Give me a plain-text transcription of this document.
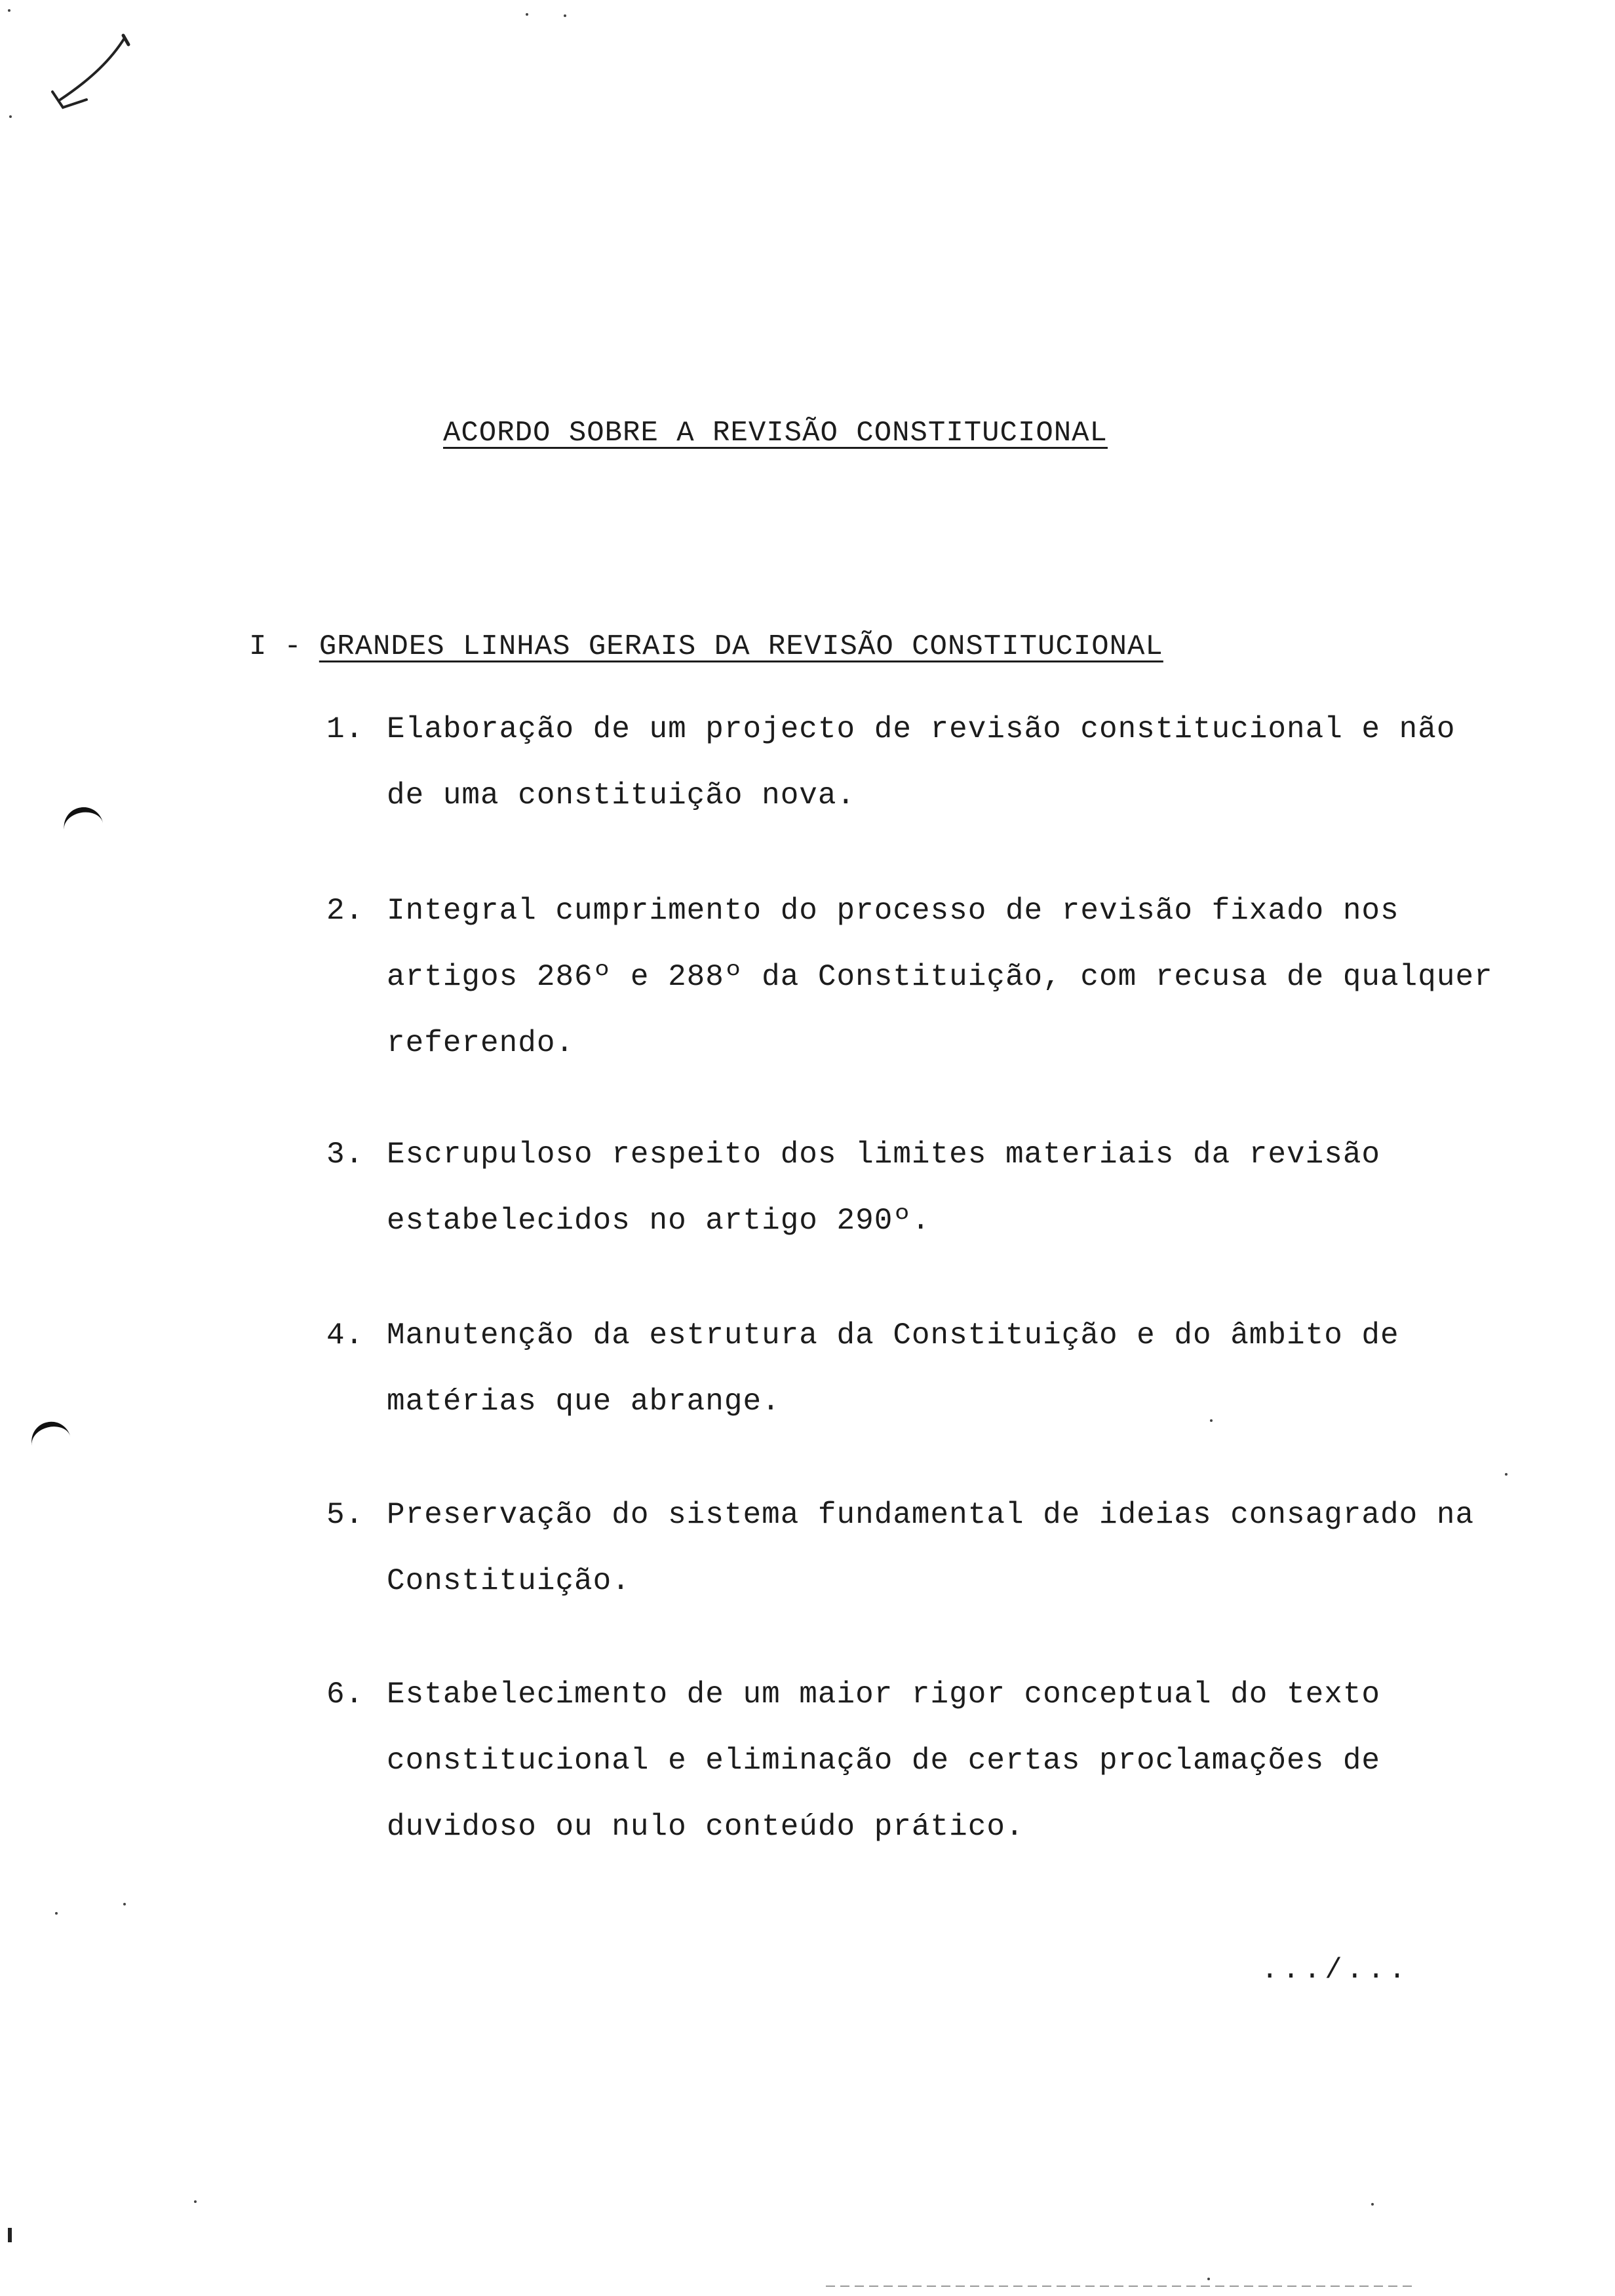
ACORDO SOBRE A REVISÃO CONSTITUCIONAL
I - GRANDES LINHAS GERAIS DA REVISÃO CONSTITUCIONAL
1. Elaboração de um projecto de revisão constitucional e não
de uma constituição nova.
2. Integral cumprimento do processo de revisão fixado nos
artigos 286º e 288º da Constituição, com recusa de qualquer
referendo.
3. Escrupuloso respeito dos limites materiais da revisão
estabelecidos no artigo 290º.
4. Manutenção da estrutura da Constituição e do âmbito de
matérias que abrange.
5. Preservação do sistema fundamental de ideias consagrado na
Constituição.
6. Estabelecimento de um maior rigor conceptual do texto
constitucional e eliminação de certas proclamações de
duvidoso ou nulo conteúdo prático.
.../...
